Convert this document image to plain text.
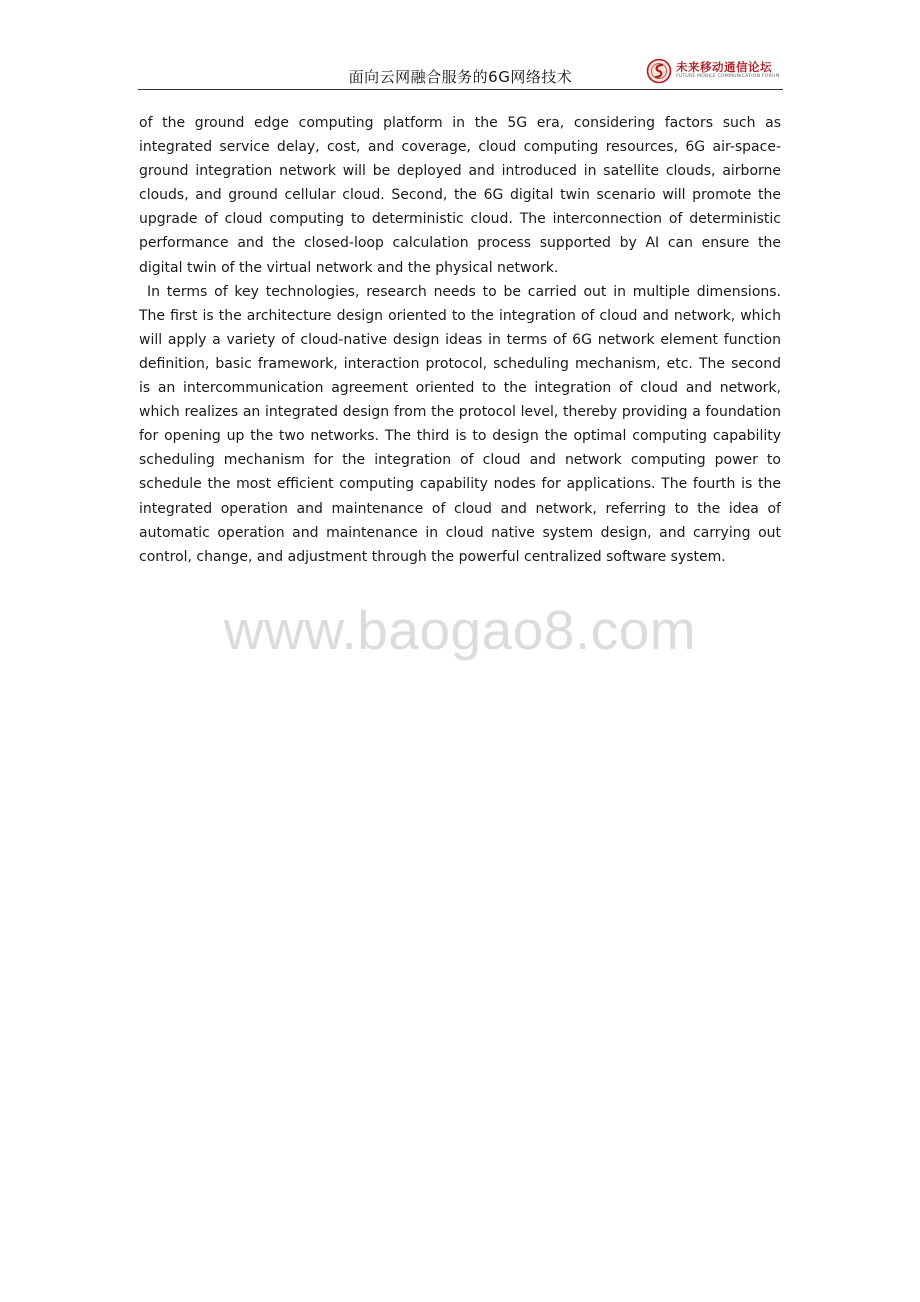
面向云网融合服务的6G网络技术
未来移动通信论坛
FUTURE MOBILE COMMUNICATION FORUM

of the ground edge computing platform in the 5G era, considering factors such as integrated service delay, cost, and coverage, cloud computing resources, 6G air-space-ground integration network will be deployed and introduced in satellite clouds, airborne clouds, and ground cellular cloud. Second, the 6G digital twin scenario will promote the upgrade of cloud computing to deterministic cloud. The interconnection of deterministic performance and the closed-loop calculation process supported by AI can ensure the digital twin of the virtual network and the physical network.

In terms of key technologies, research needs to be carried out in multiple dimensions. The first is the architecture design oriented to the integration of cloud and network, which will apply a variety of cloud-native design ideas in terms of 6G network element function definition, basic framework, interaction protocol, scheduling mechanism, etc. The second is an intercommunication agreement oriented to the integration of cloud and network, which realizes an integrated design from the protocol level, thereby providing a foundation for opening up the two networks. The third is to design the optimal computing capability scheduling mechanism for the integration of cloud and network computing power to schedule the most efficient computing capability nodes for applications. The fourth is the integrated operation and maintenance of cloud and network, referring to the idea of automatic operation and maintenance in cloud native system design, and carrying out control, change, and adjustment through the powerful centralized software system.

www.baogao8.com
